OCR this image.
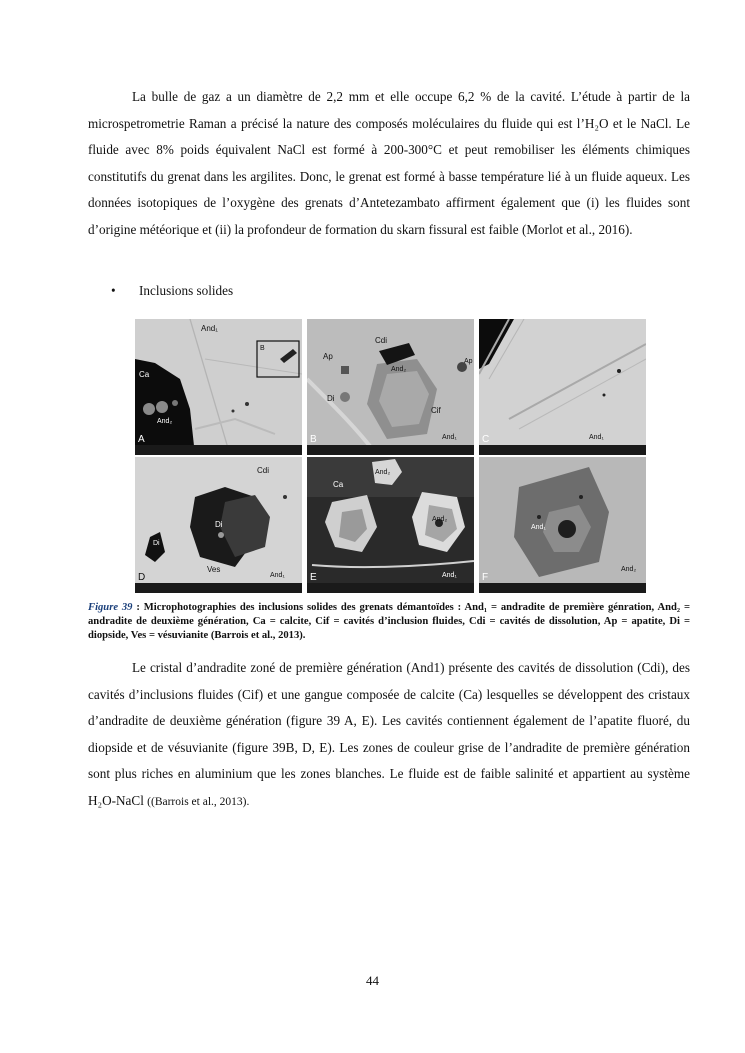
La bulle de gaz a un diamètre de 2,2 mm et elle occupe 6,2 % de la cavité. L’étude à partir de la microspetrometrie Raman a précisé la nature des composés moléculaires du fluide qui est l’H₂O et le NaCl. Le fluide avec 8% poids équivalent NaCl est formé à 200-300°C et peut remobiliser les éléments chimiques constitutifs du grenat dans les argilites. Donc, le grenat est formé à basse température lié à un fluide aqueux. Les données isotopiques de l’oxygène des grenats d’Antetezambato affirment également que (i) les fluides sont d’origine météorique et (ii) la profondeur de formation du skarn fissural est faible (Morlot et al., 2016).

• Inclusions solides
And₁
Ca
And₂
B
A
Cdi
Ap
And₂
Ap
Di
Cif
And₁
B	And₁
C
Cdi
Di
Di
Ves
And₁
D
And₂
Ca
And₂
And₁
E
And₁
And₂
F
Figure 39 : Microphotographies des inclusions solides des grenats démantoïdes : And₁ = andradite de première génration, And₂ = andradite de deuxième génération, Ca = calcite, Cif = cavités d’inclusion fluides, Cdi = cavités de dissolution, Ap = apatite, Di = diopside, Ves = vésuvianite (Barrois et al., 2013).

Le cristal d’andradite zoné de première génération (And1) présente des cavités de dissolution (Cdi), des cavités d’inclusions fluides (Cif) et une gangue composée de calcite (Ca) lesquelles se développent des cristaux d’andradite de deuxième génération (figure 39 A, E). Les cavités contiennent également de l’apatite fluoré, du diopside et de vésuvianite (figure 39B, D, E). Les zones de couleur grise de l’andradite de première génération sont plus riches en aluminium que les zones blanches. Le fluide est de faible salinité et appartient au système H₂O-NaCl ((Barrois et al., 2013).

44
